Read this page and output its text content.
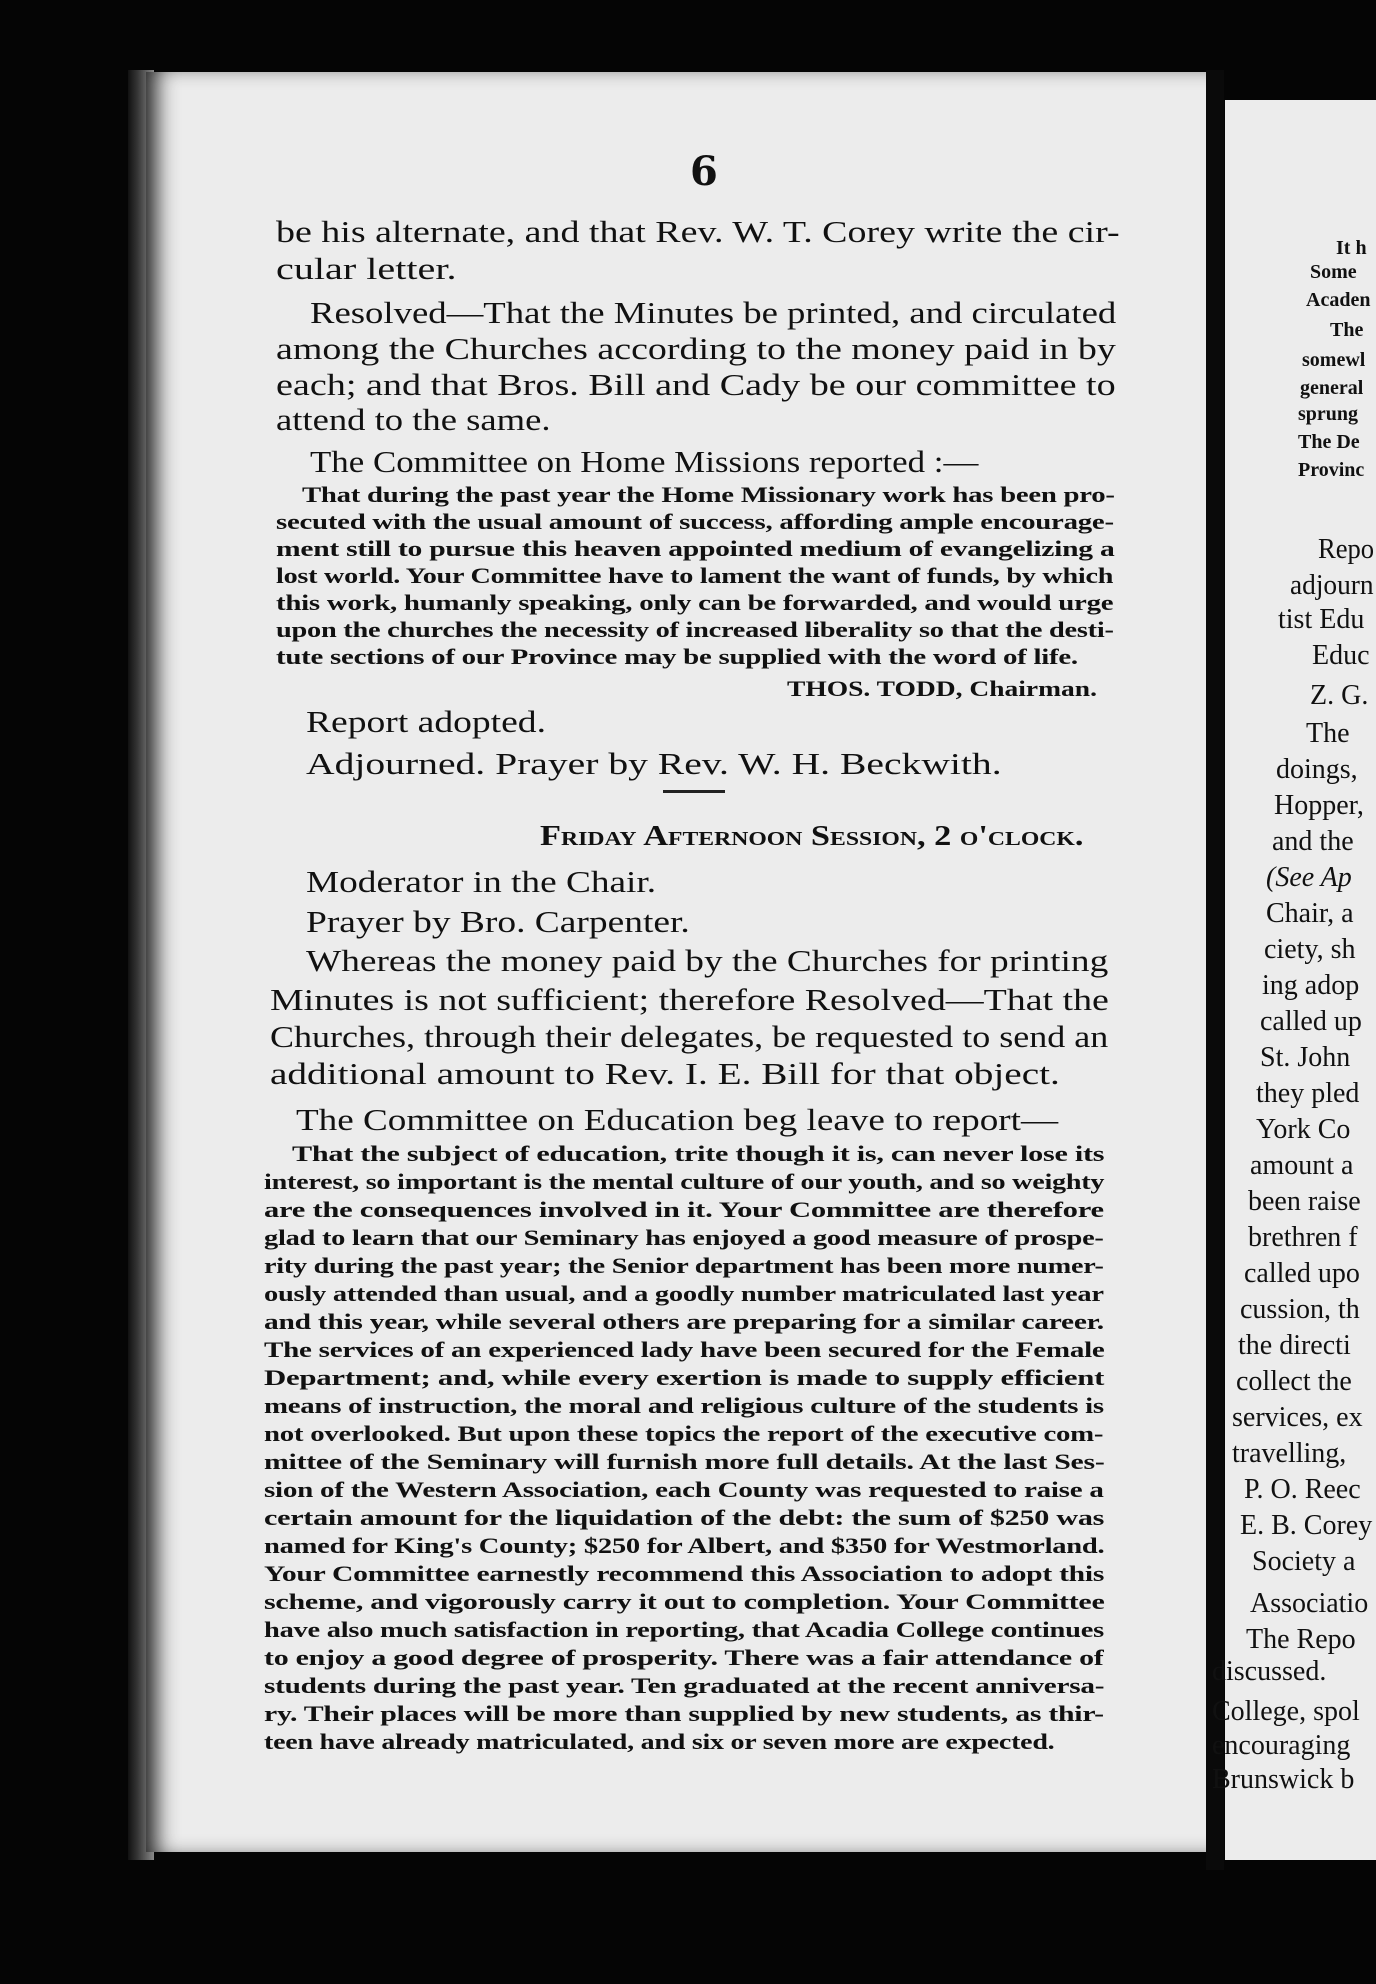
6
be his alternate, and that Rev. W. T. Corey write the cir-
cular letter.
Resolved—That the Minutes be printed, and circulated
among the Churches according to the money paid in by
each; and that Bros. Bill and Cady be our committee to
attend to the same.
The Committee on Home Missions reported :—
That during the past year the Home Missionary work has been pro-
secuted with the usual amount of success, affording ample encourage-
ment still to pursue this heaven appointed medium of evangelizing a
lost world. Your Committee have to lament the want of funds, by which
this work, humanly speaking, only can be forwarded, and would urge
upon the churches the necessity of increased liberality so that the desti-
tute sections of our Province may be supplied with the word of life.
THOS. TODD, Chairman.
Report adopted.
Adjourned. Prayer by Rev. W. H. Beckwith.
Friday Afternoon Session, 2 o'clock.
Moderator in the Chair.
Prayer by Bro. Carpenter.
Whereas the money paid by the Churches for printing
Minutes is not sufficient; therefore Resolved—That the
Churches, through their delegates, be requested to send an
additional amount to Rev. I. E. Bill for that object.
The Committee on Education beg leave to report—
That the subject of education, trite though it is, can never lose its
interest, so important is the mental culture of our youth, and so weighty
are the consequences involved in it. Your Committee are therefore
glad to learn that our Seminary has enjoyed a good measure of prospe-
rity during the past year; the Senior department has been more numer-
ously attended than usual, and a goodly number matriculated last year
and this year, while several others are preparing for a similar career.
The services of an experienced lady have been secured for the Female
Department; and, while every exertion is made to supply efficient
means of instruction, the moral and religious culture of the students is
not overlooked. But upon these topics the report of the executive com-
mittee of the Seminary will furnish more full details. At the last Ses-
sion of the Western Association, each County was requested to raise a
certain amount for the liquidation of the debt: the sum of $250 was
named for King's County; $250 for Albert, and $350 for Westmorland.
Your Committee earnestly recommend this Association to adopt this
scheme, and vigorously carry it out to completion. Your Committee
have also much satisfaction in reporting, that Acadia College continues
to enjoy a good degree of prosperity. There was a fair attendance of
students during the past year. Ten graduated at the recent anniversa-
ry. Their places will be more than supplied by new students, as thir-
teen have already matriculated, and six or seven more are expected.
It h
Some
Acaden
The
somewl
general
sprung
The De
Provinc
Repo
adjourn
tist Edu
Educ
Z. G.
The
doings,
Hopper,
and the
(See Ap
Chair, a
ciety, sh
ing adop
called up
St. John
they pled
York Co
amount a
been raise
brethren f
called upo
cussion, th
the directi
collect the
services, ex
travelling,
P. O. Reec
E. B. Corey
Society a
Associatio
The Repo
discussed.
College, spol
encouraging
Brunswick b
